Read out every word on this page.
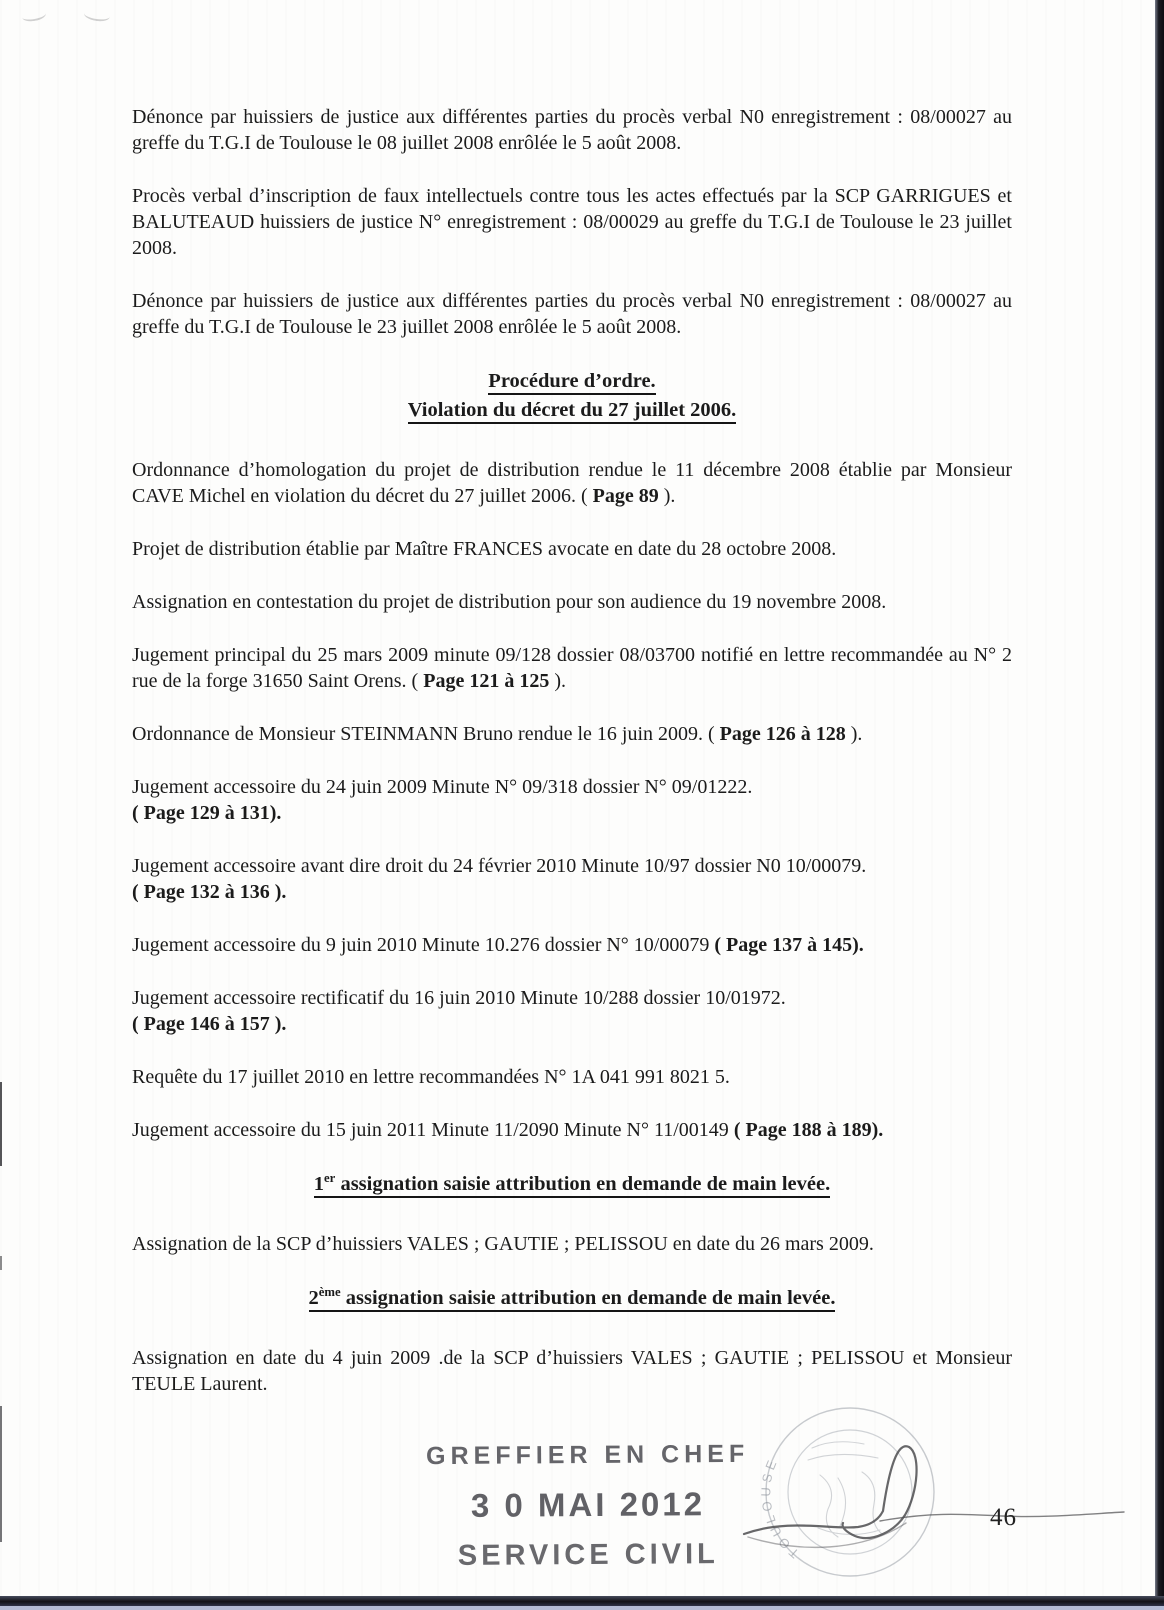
Dénonce par huissiers de justice aux différentes parties du procès verbal N0 enregistrement : 08/00027 au greffe du T.G.I de Toulouse le 08 juillet 2008 enrôlée le 5 août 2008.

Procès verbal d’inscription de faux intellectuels contre tous les actes effectués par la SCP GARRIGUES et BALUTEAUD huissiers de justice N° enregistrement : 08/00029 au greffe du T.G.I de Toulouse le 23 juillet 2008.

Dénonce par huissiers de justice aux différentes parties du procès verbal N0 enregistrement : 08/00027 au greffe du T.G.I de Toulouse le 23 juillet 2008 enrôlée le 5 août 2008.

Procédure d’ordre.
Violation du décret du 27 juillet 2006.

Ordonnance d’homologation du projet de distribution rendue le 11 décembre 2008 établie par Monsieur CAVE Michel en violation du décret du 27 juillet 2006. ( Page 89 ).

Projet de distribution établie par Maître FRANCES avocate en date du 28 octobre 2008.

Assignation en contestation du projet de distribution pour son audience du 19 novembre 2008.

Jugement principal du 25 mars 2009 minute 09/128 dossier 08/03700 notifié en lettre recommandée au N° 2 rue de la forge 31650 Saint Orens. ( Page 121 à 125 ).

Ordonnance de Monsieur STEINMANN Bruno rendue le 16 juin 2009. ( Page 126 à 128 ).

Jugement accessoire du 24 juin 2009 Minute N° 09/318 dossier N° 09/01222.
( Page 129 à 131).

Jugement accessoire avant dire droit du 24 février 2010 Minute 10/97 dossier N0 10/00079.
( Page 132 à 136 ).

Jugement accessoire du 9 juin 2010 Minute 10.276 dossier N° 10/00079 ( Page 137 à 145).

Jugement accessoire rectificatif du 16 juin 2010 Minute 10/288 dossier 10/01972.
( Page 146 à 157 ).

Requête du 17 juillet 2010 en lettre recommandées N° 1A 041 991 8021 5.

Jugement accessoire du 15 juin 2011 Minute 11/2090 Minute N° 11/00149 ( Page 188 à 189).

1er assignation saisie attribution en demande de main levée.

Assignation de la SCP d’huissiers VALES ; GAUTIE ; PELISSOU en date du 26 mars 2009.

2ème assignation saisie attribution en demande de main levée.

Assignation en date du 4 juin 2009 .de la SCP d’huissiers VALES ; GAUTIE ; PELISSOU et Monsieur TEULE Laurent.

TOULOUSE
GREFFIER EN CHEF
3 0 MAI 2012
SERVICE CIVIL
46
